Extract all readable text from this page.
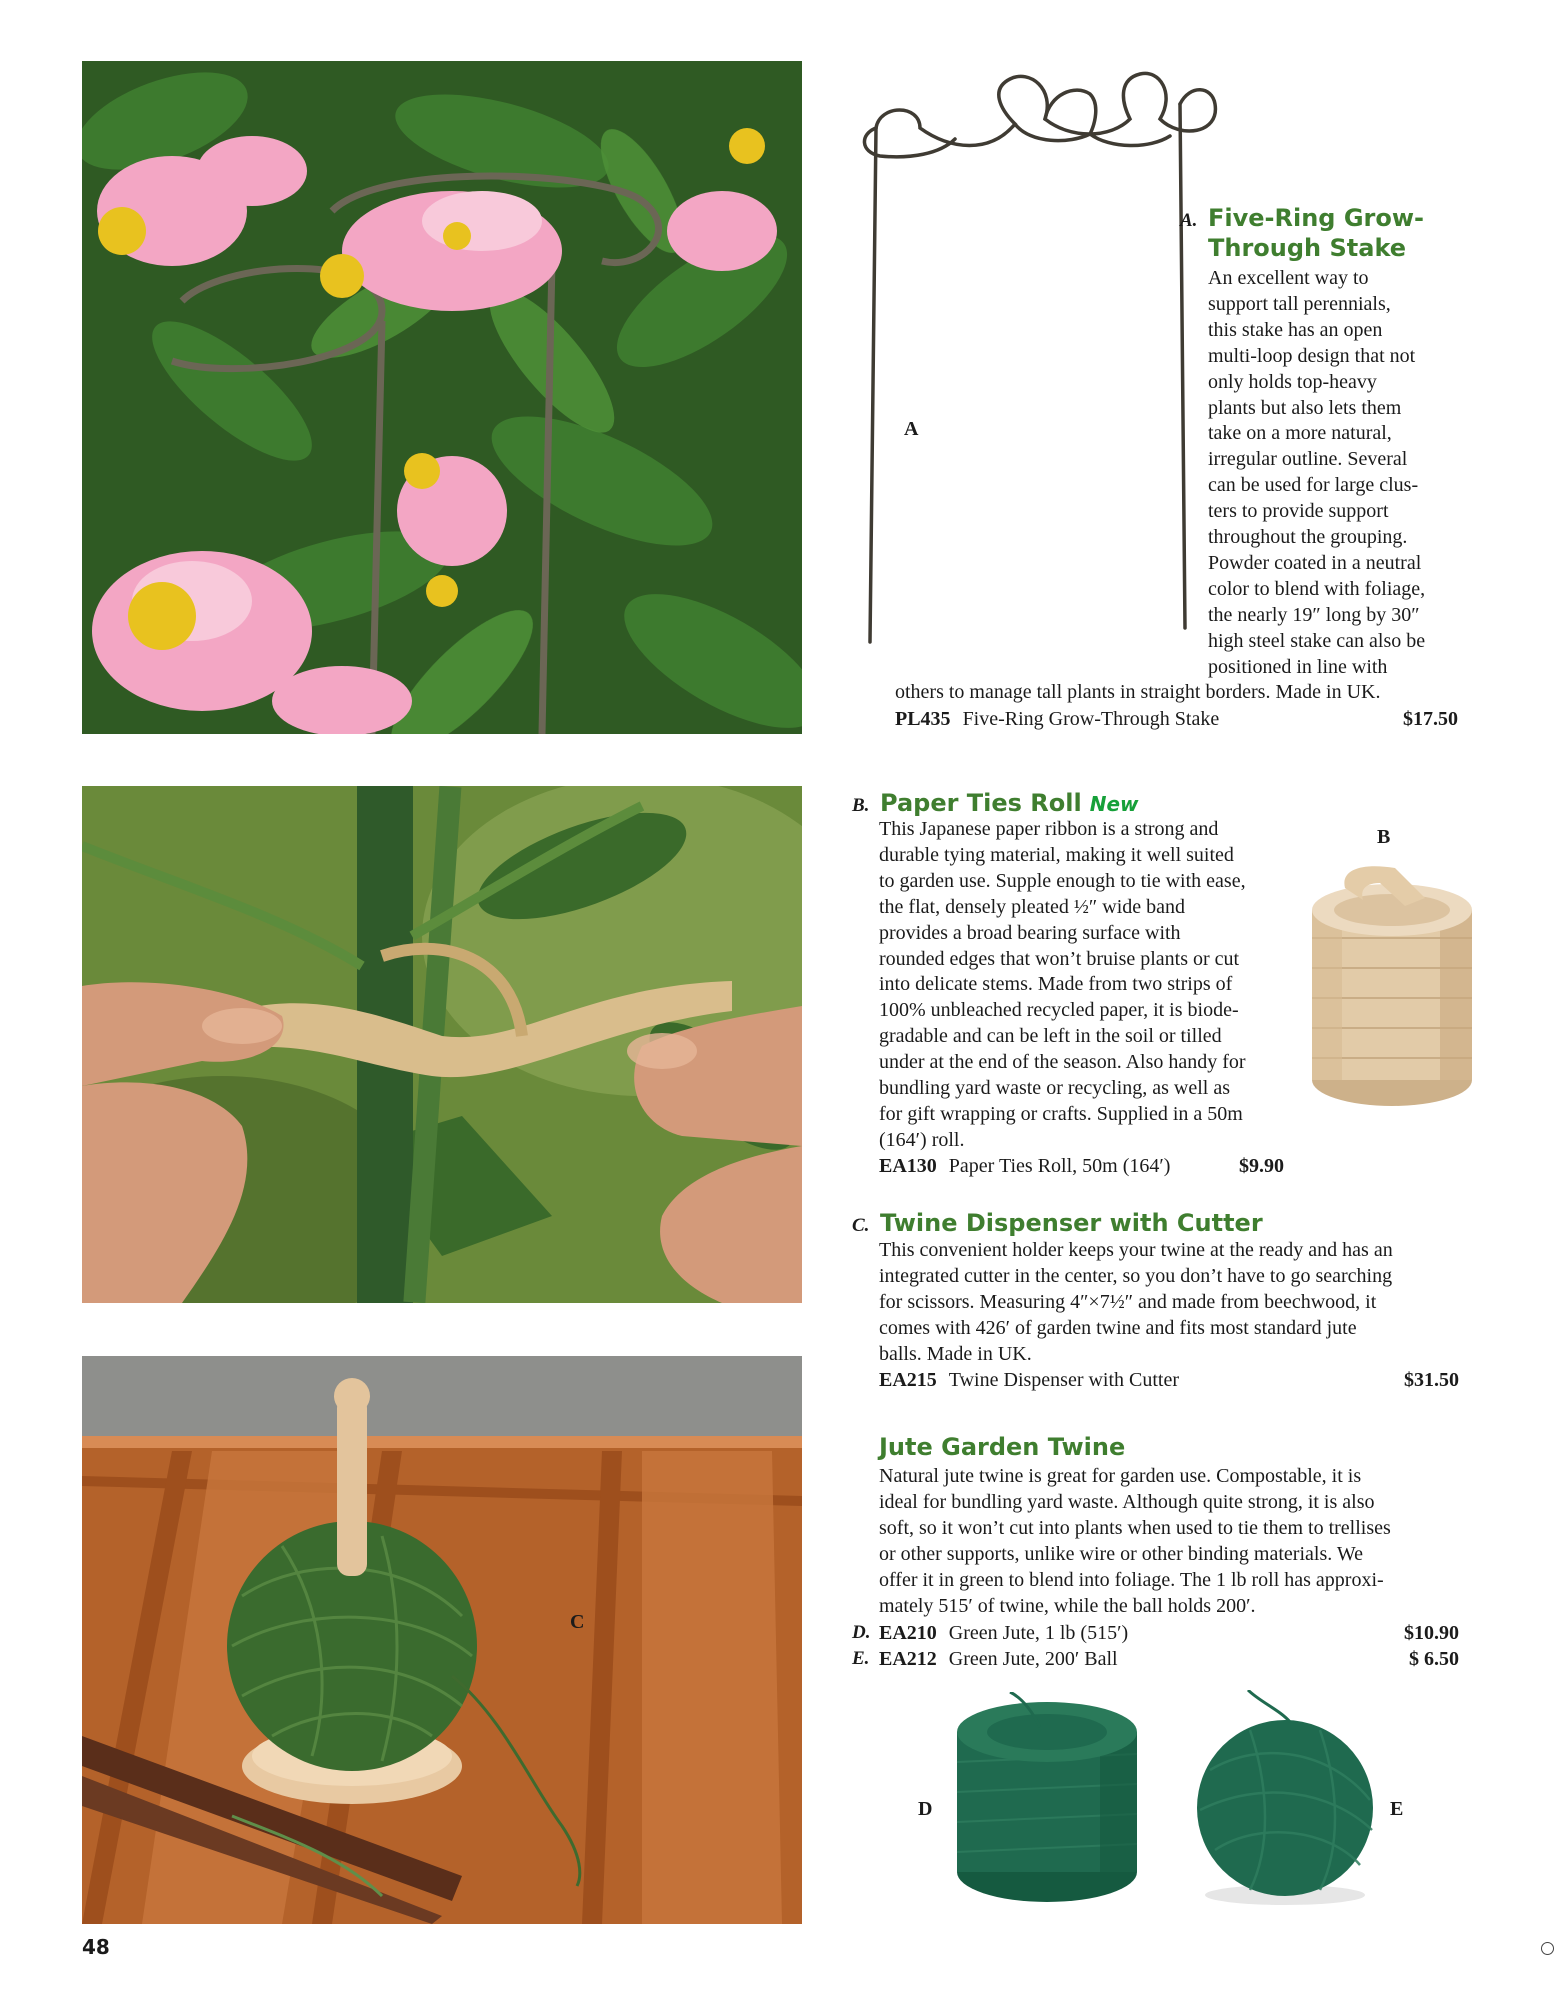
A
A. Five-Ring Grow-
Through Stake
An excellent way to
support tall perennials,
this stake has an open
multi-loop design that not
only holds top-heavy
plants but also lets them
take on a more natural,
irregular outline. Several
can be used for large clus-
ters to provide support
throughout the grouping.
Powder coated in a neutral
color to blend with foliage,
the nearly 19″ long by 30″
high steel stake can also be
positioned in line with
others to manage tall plants in straight borders. Made in UK.
PL435 Five-Ring Grow-Through Stake	$17.50
B. Paper Ties Roll New
This Japanese paper ribbon is a strong and
durable tying material, making it well suited
to garden use. Supple enough to tie with ease,
the flat, densely pleated ½″ wide band
provides a broad bearing surface with
rounded edges that won’t bruise plants or cut
into delicate stems. Made from two strips of
100% unbleached recycled paper, it is biode-
gradable and can be left in the soil or tilled
under at the end of the season. Also handy for
bundling yard waste or recycling, as well as
for gift wrapping or crafts. Supplied in a 50m
(164′) roll.
EA130 Paper Ties Roll, 50m (164′)	$9.90
B
C. Twine Dispenser with Cutter
This convenient holder keeps your twine at the ready and has an
integrated cutter in the center, so you don’t have to go searching
for scissors. Measuring 4″×7½″ and made from beechwood, it
comes with 426′ of garden twine and fits most standard jute
balls. Made in UK.
EA215 Twine Dispenser with Cutter	$31.50
C
Jute Garden Twine
Natural jute twine is great for garden use. Compostable, it is
ideal for bundling yard waste. Although quite strong, it is also
soft, so it won’t cut into plants when used to tie them to trellises
or other supports, unlike wire or other binding materials. We
offer it in green to blend into foliage. The 1 lb roll has approxi-
mately 515′ of twine, while the ball holds 200′.
D. EA210 Green Jute, 1 lb (515′)	$10.90
E. EA212 Green Jute, 200′ Ball	$ 6.50
D	E
48
